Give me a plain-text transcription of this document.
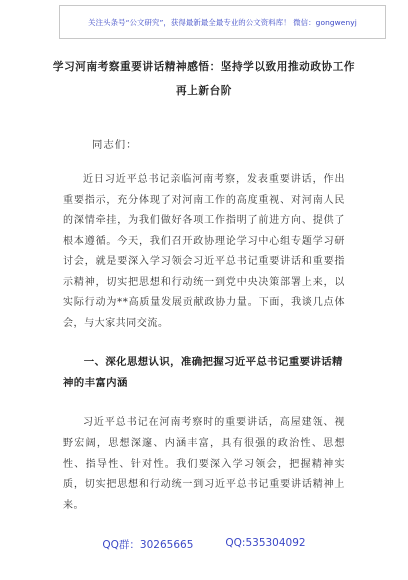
关注头条号“公文研究”，获得最新最全最专业的公文资料库！ 微信：gongwenyj
学习河南考察重要讲话精神感悟：坚持学以致用推动政协工作再上新台阶
同志们：

近日习近平总书记亲临河南考察，发表重要讲话，作出重要指示，充分体现了对河南工作的高度重视、对河南人民的深情牵挂，为我们做好各项工作指明了前进方向、提供了根本遵循。今天，我们召开政协理论学习中心组专题学习研讨会，就是要深入学习领会习近平总书记重要讲话和重要指示精神，切实把思想和行动统一到党中央决策部署上来，以实际行动为**高质量发展贡献政协力量。下面，我谈几点体会，与大家共同交流。

一、深化思想认识，准确把握习近平总书记重要讲话精神的丰富内涵

习近平总书记在河南考察时的重要讲话，高屋建瓴、视野宏阔，思想深邃、内涵丰富，具有很强的政治性、思想性、指导性、针对性。我们要深入学习领会，把握精神实质，切实把思想和行动统一到习近平总书记重要讲话精神上来。

QQ群：30265665	QQ:535304092
